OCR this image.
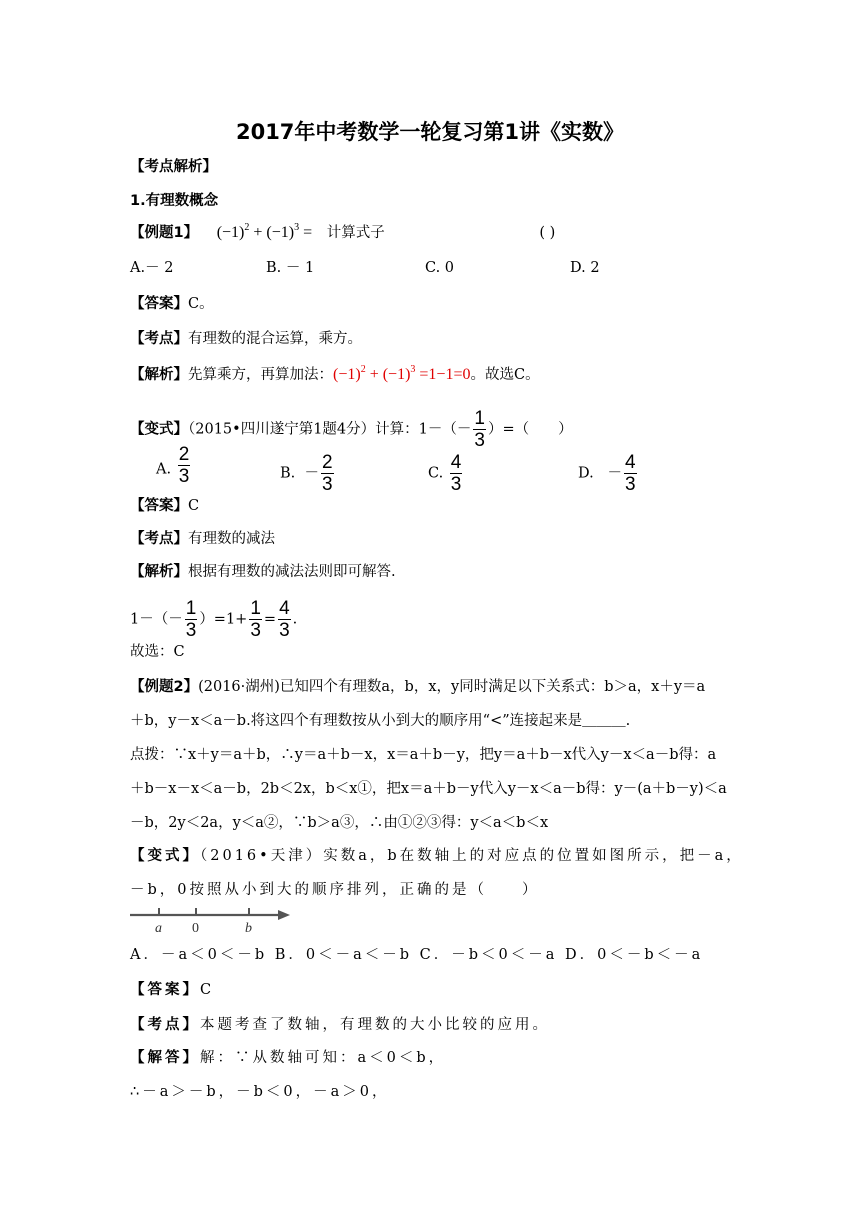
2017年中考数学一轮复习第1讲《实数》
【考点解析】
1.有理数概念
【例题1】 $(-1)^2 + (-1)^3$ = 计算式子	( )
A.－ 2	B. － 1	C. 0	D. 2
【答案】C。
【考点】有理数的混合运算，乘方。
【解析】先算乘方，再算加法：$(-1)^2 + (-1)^3 =1-1=0$。故选C。
【变式】（2015•四川遂宁第1题4分）计算：$1-(- \frac{1}{3}$ ）=（　　）
A. $\frac{2}{3}$	B. － $\frac{2}{3}$	C. $\frac{4}{3}$	D. － $\frac{4}{3}$
【答案】C
【考点】有理数的减法
【解析】根据有理数的减法法则即可解答.
$1-(- \frac{1}{3} )=1+ \frac{1}{3} = \frac{4}{3}$ .
故选：C
【例题2】(2016·湖州)已知四个有理数a，b，x，y同时满足以下关系式：b＞a，x＋y＝a
＋b，y－x＜a－b.将这四个有理数按从小到大的顺序用“<”连接起来是＿＿＿.
点拨：∵x＋y＝a＋b，∴y＝a＋b－x，x＝a＋b－y，把y＝a＋b－x代入y－x＜a－b得：a
＋b－x－x＜a－b，2b＜2x，b＜x①，把x＝a＋b－y代入y－x＜a－b得：y－(a＋b－y)＜a
－b，2y＜2a，y＜a②，∵b＞a③，∴由①②③得：y＜a＜b＜x
【变式】（2016•天津）实数a，b在数轴上的对应点的位置如图所示，把－a，
－b，0按照从小到大的顺序排列，正确的是（　　）
a 0	b
A．－a＜0＜－b B．0＜－a＜－b C．－b＜0＜－a D．0＜－b＜－a
【答案】C
【考点】本题考查了数轴，有理数的大小比较的应用。
【解答】解：∵从数轴可知：a＜0＜b，
∴－a＞－b，－b＜0，－a＞0，
